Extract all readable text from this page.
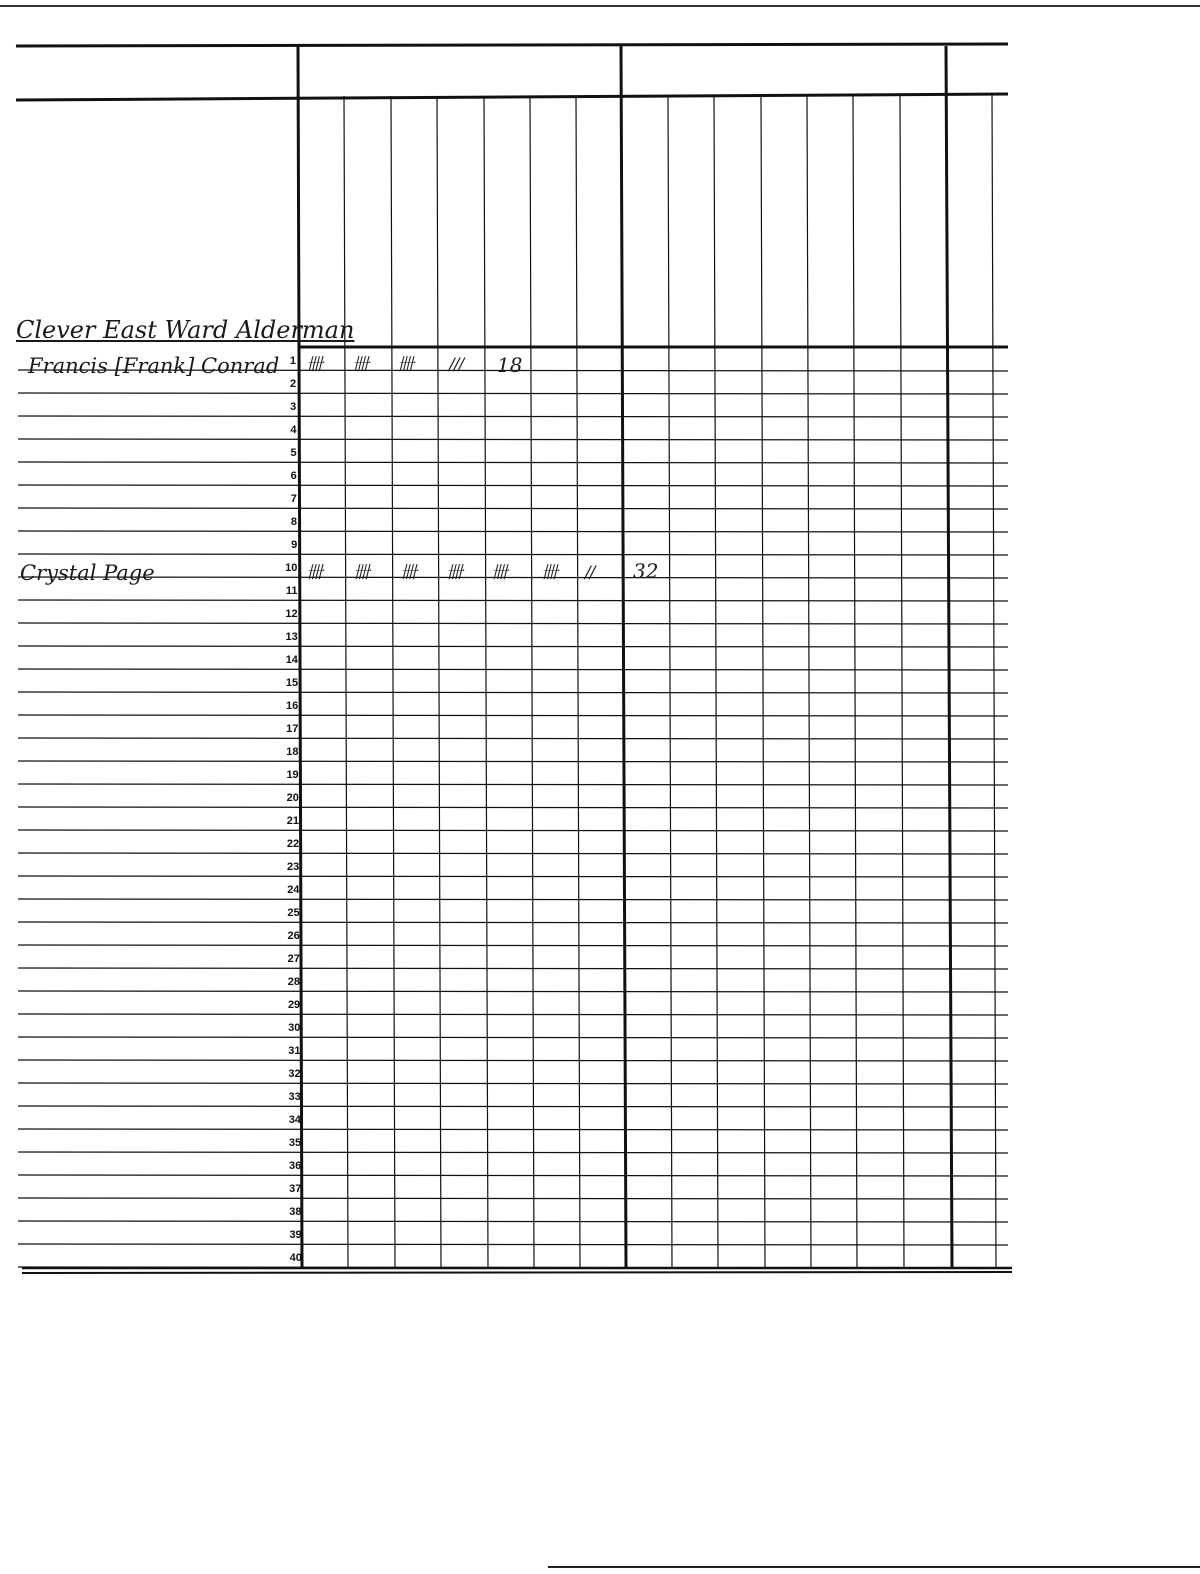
Clever East Ward Alderman
Francis [Frank] Conrad
Crystal Page
卌 卌 卌 /// 18
卌 卌 卌 卌 卌 卌 // 32
1
2
3
4
5
6
7
8
9
10
11
12
13
14
15
16
17
18
19
20
21
22
23
24
25
26
27
28
29
30
31
32
33
34
35
36
37
38
39
40
